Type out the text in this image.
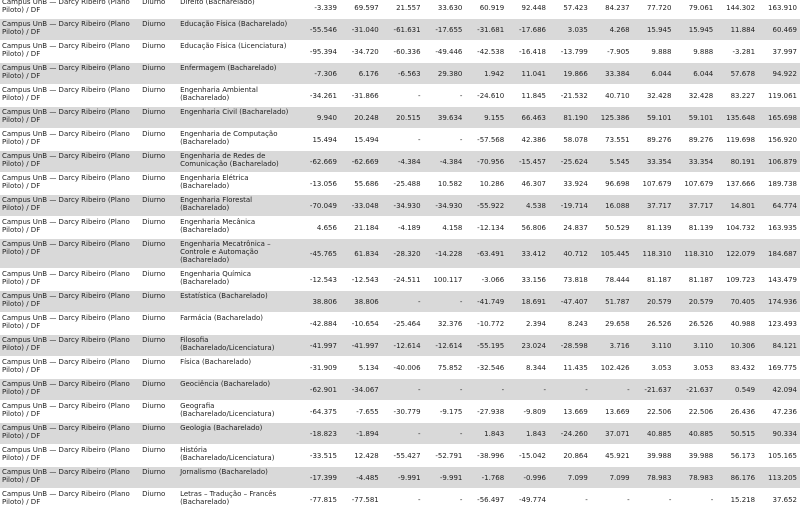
Campus UnB — Darcy Ribeiro (Plano Piloto) / DF	Diurno	Direito (Bacharelado)	-3.339	69.597	21.557	33.630	60.919	92.448	57.423	84.237	77.720	79.061	144.302	163.910
Campus UnB — Darcy Ribeiro (Plano Piloto) / DF	Diurno	Educação Física (Bacharelado)	-55.546	-31.040	-61.631	-17.655	-31.681	-17.686	3.035	4.268	15.945	15.945	11.884	60.469
Campus UnB — Darcy Ribeiro (Plano Piloto) / DF	Diurno	Educação Física (Licenciatura)	-95.394	-34.720	-60.336	-49.446	-42.538	-16.418	-13.799	-7.905	9.888	9.888	-3.281	37.997
Campus UnB — Darcy Ribeiro (Plano Piloto) / DF	Diurno	Enfermagem (Bacharelado)	-7.306	6.176	-6.563	29.380	1.942	11.041	19.866	33.384	6.044	6.044	57.678	94.922
Campus UnB — Darcy Ribeiro (Plano Piloto) / DF	Diurno	Engenharia Ambiental (Bacharelado)	-34.261	-31.866	-	-	-24.610	11.845	-21.532	40.710	32.428	32.428	83.227	119.061
Campus UnB — Darcy Ribeiro (Plano Piloto) / DF	Diurno	Engenharia Civil (Bacharelado)	9.940	20.248	20.515	39.634	9.155	66.463	81.190	125.386	59.101	59.101	135.648	165.698
Campus UnB — Darcy Ribeiro (Plano Piloto) / DF	Diurno	Engenharia de Computação (Bacharelado)	15.494	15.494	-	-	-57.568	42.386	58.078	73.551	89.276	89.276	119.698	156.920
Campus UnB — Darcy Ribeiro (Plano Piloto) / DF	Diurno	Engenharia de Redes de Comunicação (Bacharelado)	-62.669	-62.669	-4.384	-4.384	-70.956	-15.457	-25.624	5.545	33.354	33.354	80.191	106.879
Campus UnB — Darcy Ribeiro (Plano Piloto) / DF	Diurno	Engenharia Elétrica (Bacharelado)	-13.056	55.686	-25.488	10.582	10.286	46.307	33.924	96.698	107.679	107.679	137.666	189.738
Campus UnB — Darcy Ribeiro (Plano Piloto) / DF	Diurno	Engenharia Florestal (Bacharelado)	-70.049	-33.048	-34.930	-34.930	-55.922	4.538	-19.714	16.088	37.717	37.717	14.801	64.774
Campus UnB — Darcy Ribeiro (Plano Piloto) / DF	Diurno	Engenharia Mecânica (Bacharelado)	4.656	21.184	-4.189	4.158	-12.134	56.806	24.837	50.529	81.139	81.139	104.732	163.935
Campus UnB — Darcy Ribeiro (Plano Piloto) / DF	Diurno	Engenharia Mecatrônica – Controle e Automação (Bacharelado)	-45.765	61.834	-28.320	-14.228	-63.491	33.412	40.712	105.445	118.310	118.310	122.079	184.687
Campus UnB — Darcy Ribeiro (Plano Piloto) / DF	Diurno	Engenharia Química (Bacharelado)	-12.543	-12.543	-24.511	100.117	-3.066	33.156	73.818	78.444	81.187	81.187	109.723	143.479
Campus UnB — Darcy Ribeiro (Plano Piloto) / DF	Diurno	Estatística (Bacharelado)	38.806	38.806	-	-	-41.749	18.691	-47.407	51.787	20.579	20.579	70.405	174.936
Campus UnB — Darcy Ribeiro (Plano Piloto) / DF	Diurno	Farmácia (Bacharelado)	-42.884	-10.654	-25.464	32.376	-10.772	2.394	8.243	29.658	26.526	26.526	40.988	123.493
Campus UnB — Darcy Ribeiro (Plano Piloto) / DF	Diurno	Filosofia (Bacharelado/Licenciatura)	-41.997	-41.997	-12.614	-12.614	-55.195	23.024	-28.598	3.716	3.110	3.110	10.306	84.121
Campus UnB — Darcy Ribeiro (Plano Piloto) / DF	Diurno	Física (Bacharelado)	-31.909	5.134	-40.006	75.852	-32.546	8.344	11.435	102.426	3.053	3.053	83.432	169.775
Campus UnB — Darcy Ribeiro (Plano Piloto) / DF	Diurno	Geociência (Bacharelado)	-62.901	-34.067	-	-	-	-	-	-	-21.637	-21.637	0.549	42.094
Campus UnB — Darcy Ribeiro (Plano Piloto) / DF	Diurno	Geografia (Bacharelado/Licenciatura)	-64.375	-7.655	-30.779	-9.175	-27.938	-9.809	13.669	13.669	22.506	22.506	26.436	47.236
Campus UnB — Darcy Ribeiro (Plano Piloto) / DF	Diurno	Geologia (Bacharelado)	-18.823	-1.894	-	-	1.843	1.843	-24.260	37.071	40.885	40.885	50.515	90.334
Campus UnB — Darcy Ribeiro (Plano Piloto) / DF	Diurno	História (Bacharelado/Licenciatura)	-33.515	12.428	-55.427	-52.791	-38.996	-15.042	20.864	45.921	39.988	39.988	56.173	105.165
Campus UnB — Darcy Ribeiro (Plano Piloto) / DF	Diurno	Jornalismo (Bacharelado)	-17.399	-4.485	-9.991	-9.991	-1.768	-0.996	7.099	7.099	78.983	78.983	86.176	113.205
Campus UnB — Darcy Ribeiro (Plano Piloto) / DF	Diurno	Letras – Tradução – Francês (Bacharelado)	-77.815	-77.581	-	-	-56.497	-49.774	-	-	-	-	15.218	37.652
